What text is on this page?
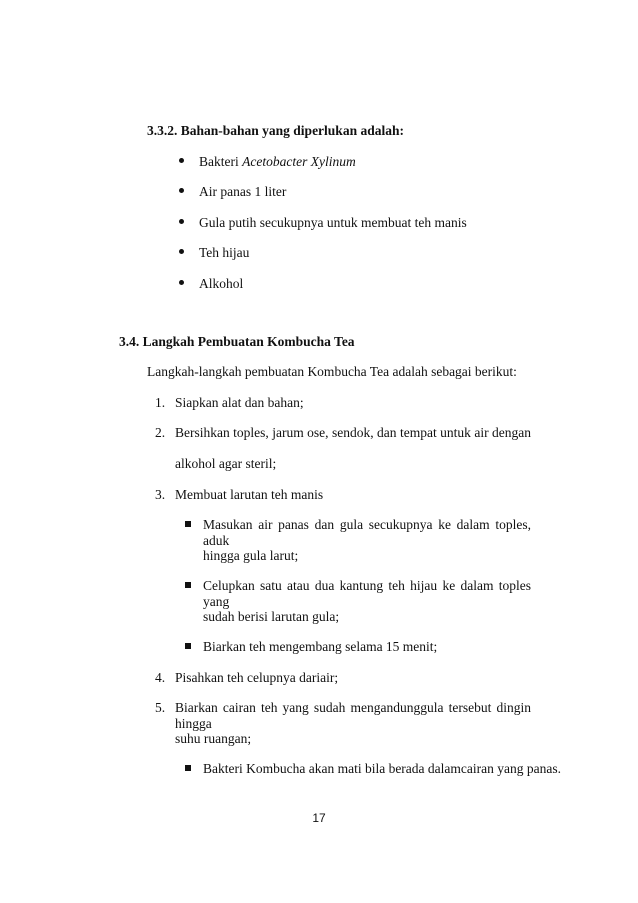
3.3.2. Bahan-bahan yang diperlukan adalah:
Bakteri Acetobacter Xylinum
Air panas 1 liter
Gula putih secukupnya untuk membuat teh manis
Teh hijau
Alkohol
3.4. Langkah Pembuatan Kombucha Tea
Langkah-langkah pembuatan Kombucha Tea adalah sebagai berikut:
1. Siapkan alat dan bahan;
2. Bersihkan toples, jarum ose, sendok, dan tempat untuk air dengan
alkohol agar steril;
3. Membuat larutan teh manis
Masukan air panas dan gula secukupnya ke dalam toples, aduk
hingga gula larut;
Celupkan satu atau dua kantung teh hijau ke dalam toples yang
sudah berisi larutan gula;
Biarkan teh mengembang selama 15 menit;
4. Pisahkan teh celupnya dariair;
5. Biarkan cairan teh yang sudah mengandunggula tersebut dingin hingga
suhu ruangan;
Bakteri Kombucha akan mati bila berada dalamcairan yang panas.
17
